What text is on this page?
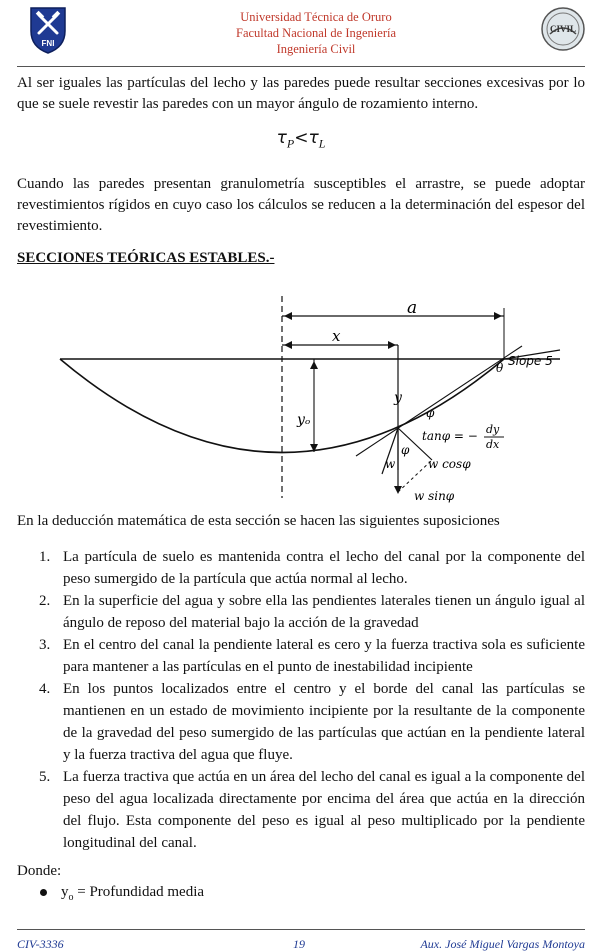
FNI
Universidad Técnica de Oruro
Facultad Nacional de Ingeniería
Ingeniería Civil
CIVIL
Al ser iguales las partículas del lecho y las paredes puede resultar secciones excesivas por lo que se suele revestir las paredes con un mayor ángulo de rozamiento interno.
$\tau_P<\tau_L$
Cuando las paredes presentan granulometría susceptibles el arrastre, se puede adoptar revestimientos rígidos en cuyo caso los cálculos se reducen a la determinación del espesor del revestimiento.
SECCIONES TEÓRICAS ESTABLES.-
a
x
yₒ
y
θ Slope 5
φ
tanφ = − dy
dx
φ
w	w cosφ
w sinφ
En la deducción matemática de esta sección se hacen las siguientes suposiciones
1. La partícula de suelo es mantenida contra el lecho del canal por la componente del peso sumergido de la partícula que actúa normal al lecho.
2. En la superficie del agua y sobre ella las pendientes laterales tienen un ángulo igual al ángulo de reposo del material bajo la acción de la gravedad
3. En el centro del canal la pendiente lateral es cero y la fuerza tractiva sola es suficiente para mantener a las partículas en el punto de inestabilidad incipiente
4. En los puntos localizados entre el centro y el borde del canal las partículas se mantienen en un estado de movimiento incipiente por la resultante de la componente de la gravedad del peso sumergido de las partículas que actúan en la pendiente lateral y la fuerza tractiva del agua que fluye.
5. La fuerza tractiva que actúa en un área del lecho del canal es igual a la componente del peso del agua localizada directamente por encima del área que actúa en la dirección del flujo. Esta componente del peso es igual al peso multiplicado por la pendiente longitudinal del canal.
Donde:
$y_o$ = Profundidad media
CIV-3336	19	Aux. José Miguel Vargas Montoya
